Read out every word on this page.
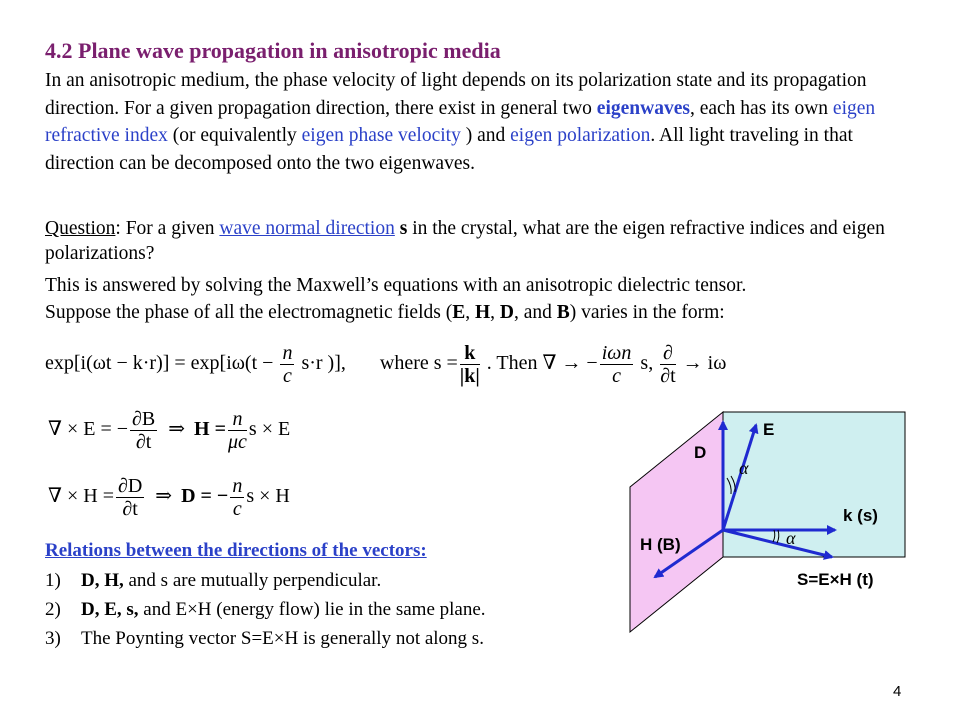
4.2 Plane wave propagation in anisotropic media
In an anisotropic medium, the phase velocity of light depends on its polarization state and its propagation direction. For a given propagation direction, there exist in general two eigenwaves, each has its own eigen refractive index (or equivalently eigen phase velocity ) and eigen polarization. All light traveling in that direction can be decomposed onto the two eigenwaves.
Question: For a given wave normal direction s in the crystal, what are the eigen refractive indices and eigen polarizations?
This is answered by solving the Maxwell’s equations with an anisotropic dielectric tensor.
Suppose the phase of all the electromagnetic fields (E, H, D, and B) varies in the form:
$\exp[i(\omega t - k\cdot r)] = \exp[i\omega(t - \frac{n}{c} s\cdot r$ )], where $s = \frac{k}{|k|}$ . Then ∇ → − $\frac{\text{iωn}}{c} s$, $\frac{\partial}{\partial t} \to i\omega$
∇ × E = − $\frac{\partial B}{\partial t}$ ⇒ $H = \frac{n}{\mu c}$ s × E
∇ × $H = \frac{\partial D}{\partial t}$ ⇒ D = − $\frac{n}{c}$ s × H
Relations between the directions of the vectors:
1) D, H, and s are mutually perpendicular.
2) D, E, s, and E×H (energy flow) lie in the same plane.
3) The Poynting vector S=E×H is generally not along s.
E
D
k (s)
H (B)
S=E×H (t)
α
α
4
